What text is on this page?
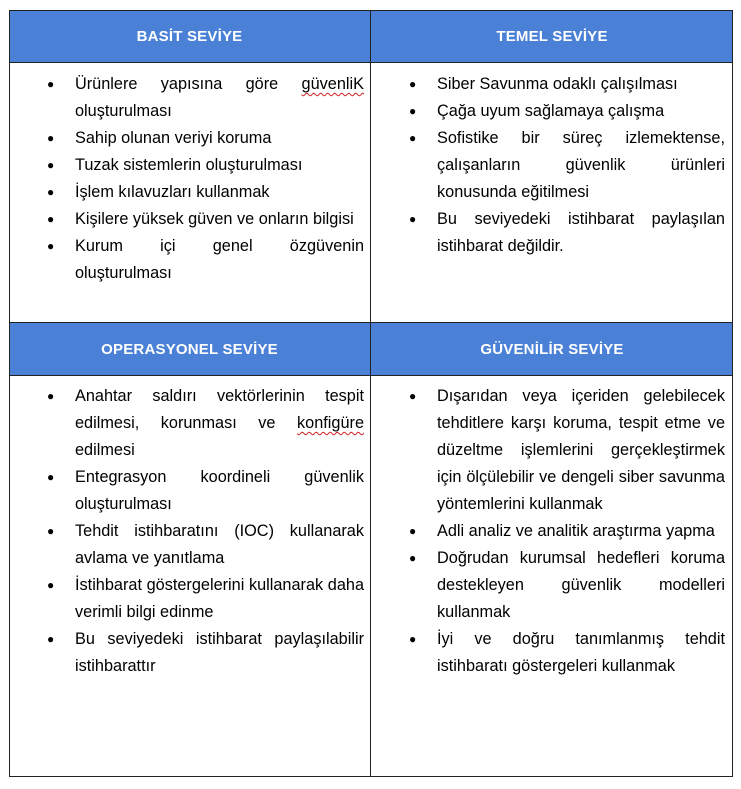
BASİT SEVİYE	TEMEL SEVİYE
OPERASYONEL SEVİYE	GÜVENİLİR SEVİYE
● Ürünlere yapısına göre güvenliK oluşturulması
● Sahip olunan veriyi koruma
● Tuzak sistemlerin oluşturulması
● İşlem kılavuzları kullanmak
● Kişilere yüksek güven ve onların bilgisi
● Kurum içi genel özgüvenin oluşturulması
● Siber Savunma odaklı çalışılması
● Çağa uyum sağlamaya çalışma
● Sofistike bir süreç izlemektense, çalışanların güvenlik ürünleri konusunda eğitilmesi
● Bu seviyedeki istihbarat paylaşılan istihbarat değildir.
● Anahtar saldırı vektörlerinin tespit edilmesi, korunması ve konfigüre edilmesi
● Entegrasyon koordineli güvenlik oluşturulması
● Tehdit istihbaratını (IOC) kullanarak avlama ve yanıtlama
● İstihbarat göstergelerini kullanarak daha verimli bilgi edinme
● Bu seviyedeki istihbarat paylaşılabilir istihbarattır
● Dışarıdan veya içeriden gelebilecek tehditlere karşı koruma, tespit etme ve düzeltme işlemlerini gerçekleştirmek için ölçülebilir ve dengeli siber savunma yöntemlerini kullanmak
● Adli analiz ve analitik araştırma yapma
● Doğrudan kurumsal hedefleri koruma destekleyen güvenlik modelleri kullanmak
● İyi ve doğru tanımlanmış tehdit istihbaratı göstergeleri kullanmak
